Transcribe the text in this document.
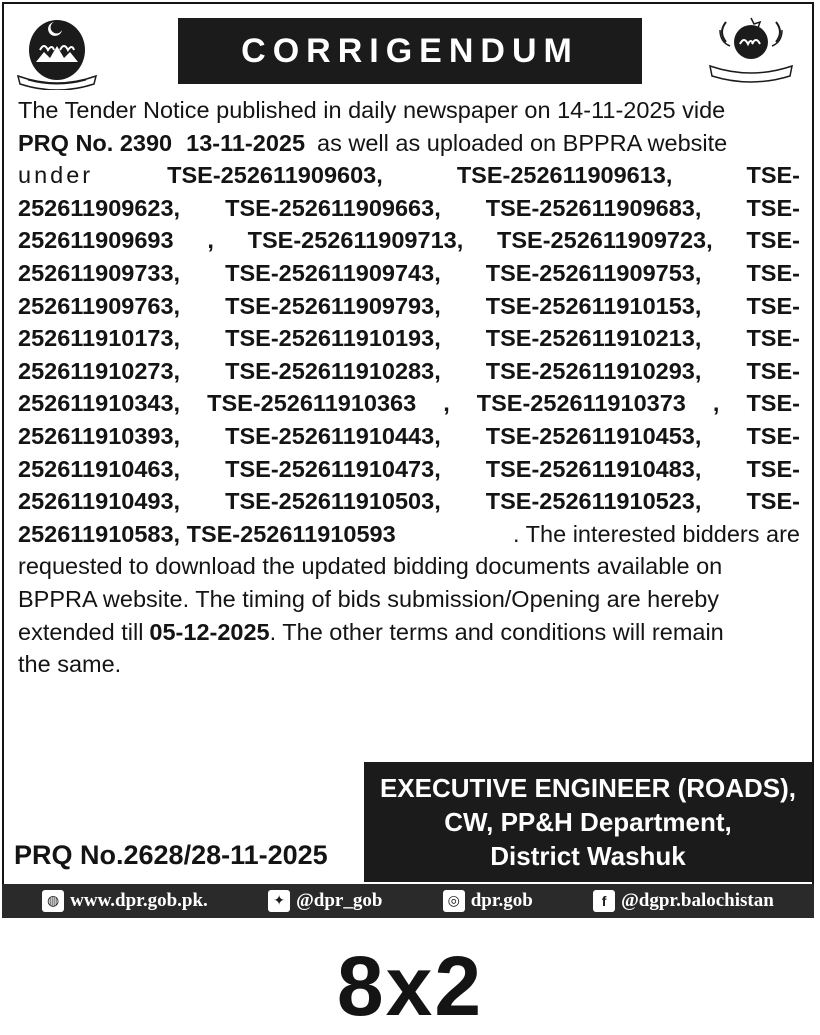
CORRIGENDUM
The Tender Notice published in daily newspaper on 14-11-2025 vide
PRQ No. 2390 13-11-2025 as well as uploaded on BPPRA website
under	TSE-252611909603,	TSE-252611909613,	TSE-
252611909623, TSE-252611909663, TSE-252611909683, TSE-
252611909693 , TSE-252611909713, TSE-252611909723, TSE-
252611909733, TSE-252611909743, TSE-252611909753, TSE-
252611909763, TSE-252611909793, TSE-252611910153, TSE-
252611910173, TSE-252611910193, TSE-252611910213, TSE-
252611910273, TSE-252611910283, TSE-252611910293, TSE-
252611910343, TSE-252611910363 , TSE-252611910373 , TSE-
252611910393, TSE-252611910443, TSE-252611910453, TSE-
252611910463, TSE-252611910473, TSE-252611910483, TSE-
252611910493, TSE-252611910503, TSE-252611910523, TSE-
252611910583, TSE-252611910593	. The interested bidders are
requested to download the updated bidding documents available on
BPPRA website. The timing of bids submission/Opening are hereby
extended till 05-12-2025 . The other terms and conditions will remain
the same.
EXECUTIVE ENGINEER (ROADS),
CW, PP&H Department,
District Washuk
PRQ No.2628/28-11-2025
◍ www.dpr.gob.pk.	✦ @dpr_gob	◎ dpr.gob	f @dgpr.balochistan
8x2
